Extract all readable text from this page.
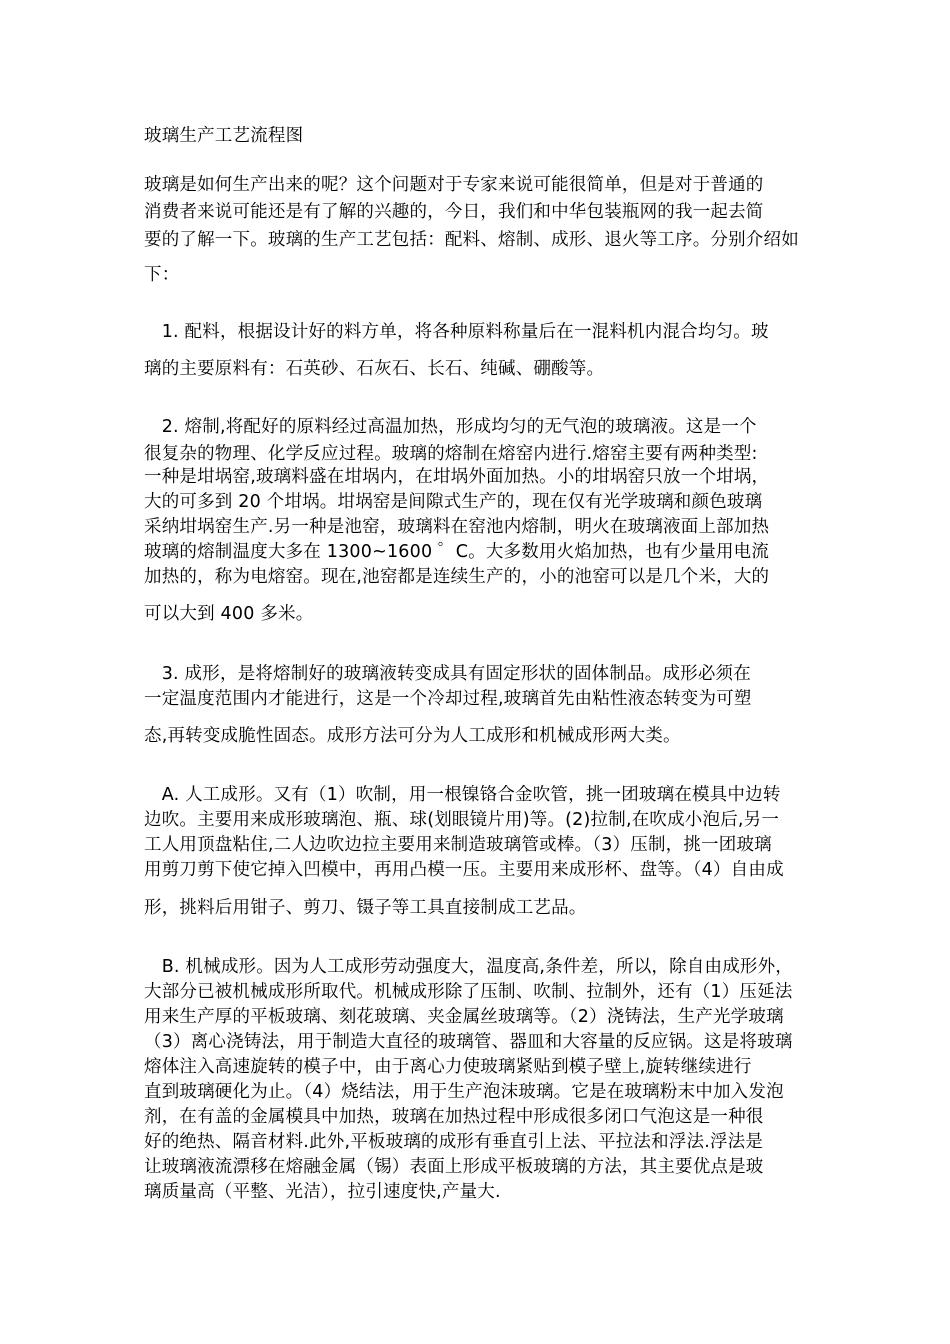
玻璃生产工艺流程图
玻璃是如何生产出来的呢？这个问题对于专家来说可能很简单，但是对于普通的
消费者来说可能还是有了解的兴趣的，今日，我们和中华包装瓶网的我一起去简
要的了解一下。玻璃的生产工艺包括：配料、熔制、成形、退火等工序。分别介绍如
下：
　1. 配料，根据设计好的料方单，将各种原料称量后在一混料机内混合均匀。玻
璃的主要原料有：石英砂、石灰石、长石、纯碱、硼酸等。
　2. 熔制,将配好的原料经过高温加热，形成均匀的无气泡的玻璃液。这是一个
很复杂的物理、化学反应过程。玻璃的熔制在熔窑内进行.熔窑主要有两种类型:
一种是坩埚窑,玻璃料盛在坩埚内，在坩埚外面加热。小的坩埚窑只放一个坩埚，
大的可多到 20 个坩埚。坩埚窑是间隙式生产的，现在仅有光学玻璃和颜色玻璃
采纳坩埚窑生产.另一种是池窑，玻璃料在窑池内熔制，明火在玻璃液面上部加热
玻璃的熔制温度大多在 1300~1600 ゜C。大多数用火焰加热，也有少量用电流
加热的，称为电熔窑。现在,池窑都是连续生产的，小的池窑可以是几个米，大的
可以大到 400 多米。
　3. 成形，是将熔制好的玻璃液转变成具有固定形状的固体制品。成形必须在
一定温度范围内才能进行，这是一个冷却过程,玻璃首先由粘性液态转变为可塑
态,再转变成脆性固态。成形方法可分为人工成形和机械成形两大类。
　A. 人工成形。又有（1）吹制，用一根镍铬合金吹管，挑一团玻璃在模具中边转
边吹。主要用来成形玻璃泡、瓶、球(划眼镜片用)等。(2)拉制,在吹成小泡后,另一
工人用顶盘粘住,二人边吹边拉主要用来制造玻璃管或棒。（3）压制，挑一团玻璃
用剪刀剪下使它掉入凹模中，再用凸模一压。主要用来成形杯、盘等。（4）自由成
形，挑料后用钳子、剪刀、镊子等工具直接制成工艺品。
　B. 机械成形。因为人工成形劳动强度大，温度高,条件差，所以，除自由成形外，
大部分已被机械成形所取代。机械成形除了压制、吹制、拉制外，还有（1）压延法
用来生产厚的平板玻璃、刻花玻璃、夹金属丝玻璃等。（2）浇铸法，生产光学玻璃
（3）离心浇铸法，用于制造大直径的玻璃管、器皿和大容量的反应锅。这是将玻璃
熔体注入高速旋转的模子中，由于离心力使玻璃紧贴到模子壁上,旋转继续进行
直到玻璃硬化为止。（4）烧结法，用于生产泡沫玻璃。它是在玻璃粉末中加入发泡
剂，在有盖的金属模具中加热，玻璃在加热过程中形成很多闭口气泡这是一种很
好的绝热、隔音材料.此外,平板玻璃的成形有垂直引上法、平拉法和浮法.浮法是
让玻璃液流漂移在熔融金属（锡）表面上形成平板玻璃的方法，其主要优点是玻
璃质量高（平整、光洁），拉引速度快,产量大.
